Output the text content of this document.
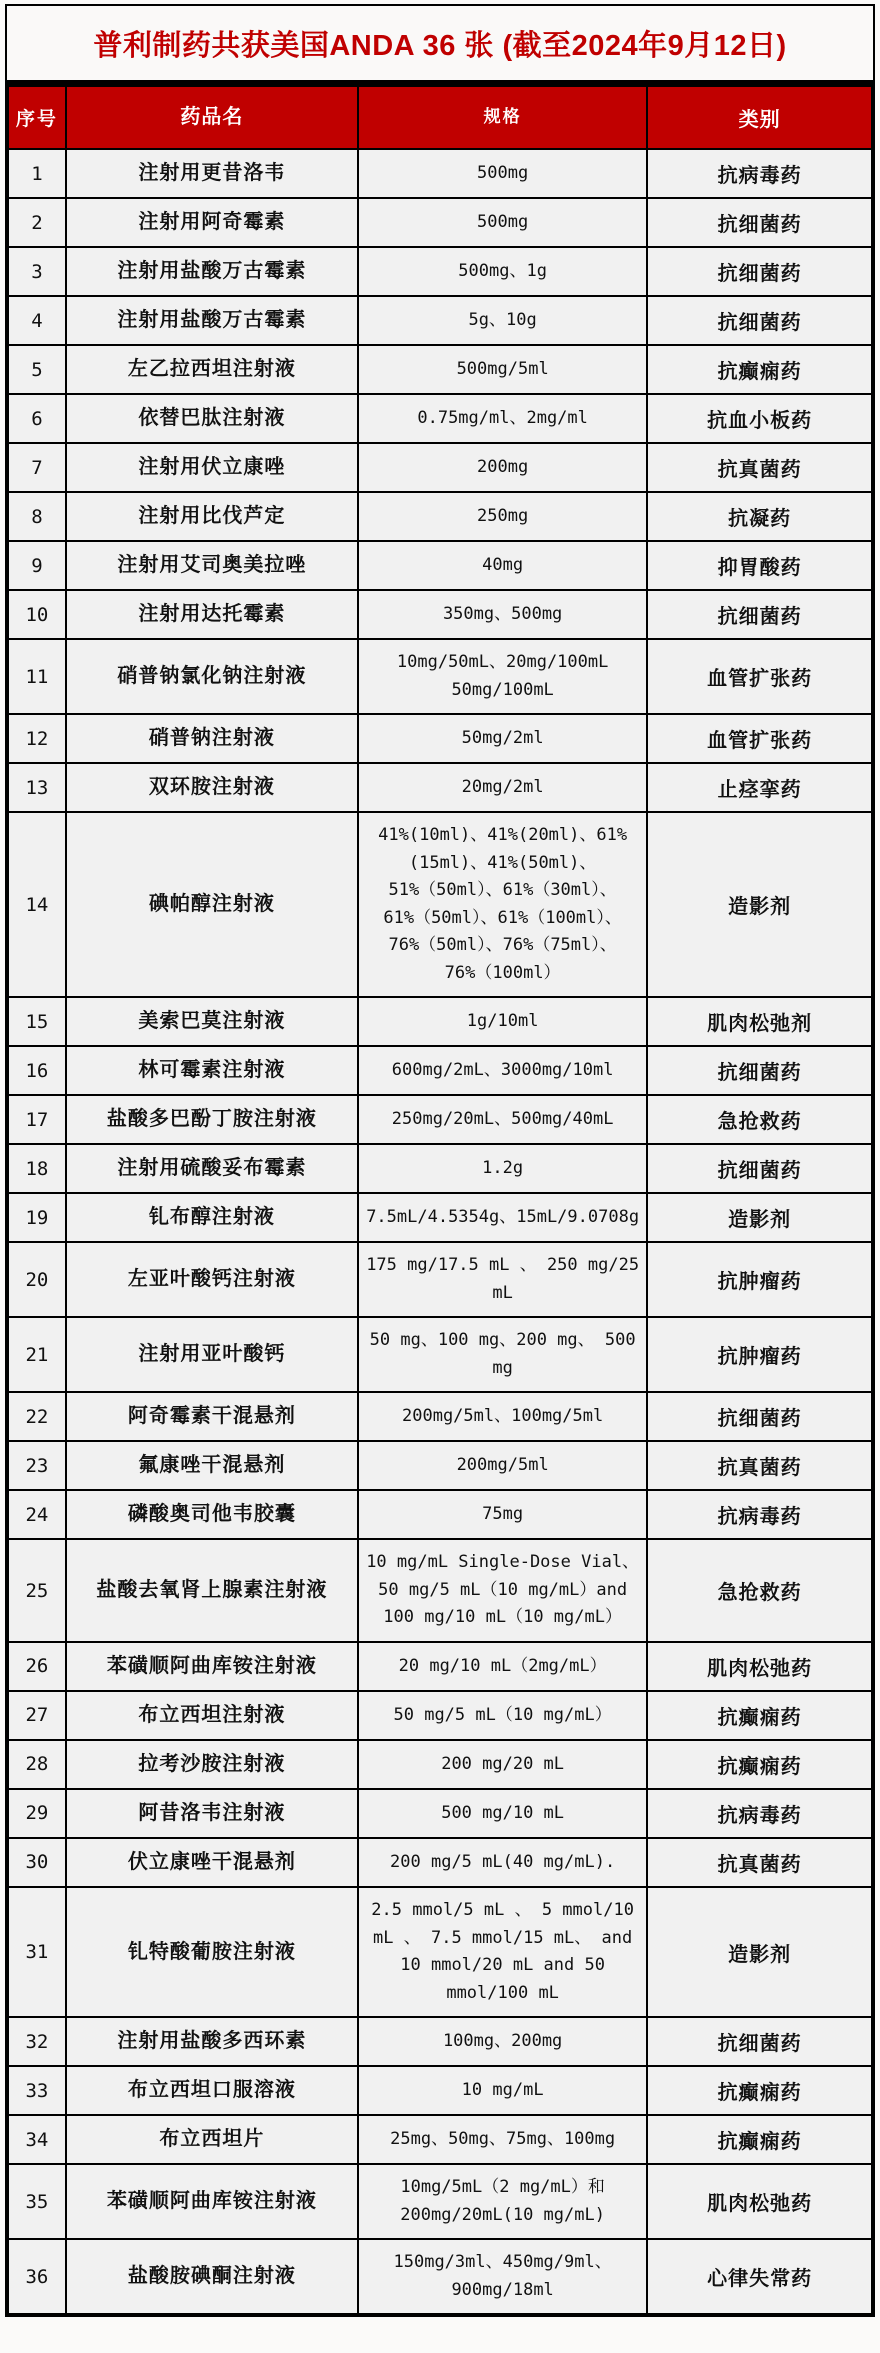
普利制药共获美国ANDA 36 张 (截至2024年9月12日)
序号	药品名	规格	类别
1	注射用更昔洛韦	500mg	抗病毒药
2	注射用阿奇霉素	500mg	抗细菌药
3	注射用盐酸万古霉素	500mg、1g	抗细菌药
4	注射用盐酸万古霉素	5g、10g	抗细菌药
5	左乙拉西坦注射液	500mg/5ml	抗癫痫药
6	依替巴肽注射液	0.75mg/ml、2mg/ml	抗血小板药
7	注射用伏立康唑	200mg	抗真菌药
8	注射用比伐芦定	250mg	抗凝药
9	注射用艾司奥美拉唑	40mg	抑胃酸药
10	注射用达托霉素	350mg、500mg	抗细菌药
11	硝普钠氯化钠注射液	10mg/50mL、20mg/100mL 50mg/100mL	血管扩张药
12	硝普钠注射液	50mg/2ml	血管扩张药
13	双环胺注射液	20mg/2ml	止痉挛药
14	碘帕醇注射液	41%(10ml)、41%(20ml)、61%(15ml)、41%(50ml)、51%（50ml）、61%（30ml）、61%（50ml）、61%（100ml）、76%（50ml）、76%（75ml）、76%（100ml）	造影剂
15	美索巴莫注射液	1g/10ml	肌肉松弛剂
16	林可霉素注射液	600mg/2mL、3000mg/10ml	抗细菌药
17	盐酸多巴酚丁胺注射液	250mg/20mL、500mg/40mL	急抢救药
18	注射用硫酸妥布霉素	1.2g	抗细菌药
19	钆布醇注射液	7.5mL/4.5354g、15mL/9.0708g	造影剂
20	左亚叶酸钙注射液	175 mg/17.5 mL 、 250 mg/25 mL	抗肿瘤药
21	注射用亚叶酸钙	50 mg、100 mg、200 mg、 500 mg	抗肿瘤药
22	阿奇霉素干混悬剂	200mg/5ml、100mg/5ml	抗细菌药
23	氟康唑干混悬剂	200mg/5ml	抗真菌药
24	磷酸奥司他韦胶囊	75mg	抗病毒药
25	盐酸去氧肾上腺素注射液	10 mg/mL Single-Dose Vial、 50 mg/5 mL（10 mg/mL）and 100 mg/10 mL（10 mg/mL）	急抢救药
26	苯磺顺阿曲库铵注射液	20 mg/10 mL（2mg/mL）	肌肉松弛药
27	布立西坦注射液	50 mg/5 mL（10 mg/mL）	抗癫痫药
28	拉考沙胺注射液	200 mg/20 mL	抗癫痫药
29	阿昔洛韦注射液	500 mg/10 mL	抗病毒药
30	伏立康唑干混悬剂	200 mg/5 mL(40 mg/mL).	抗真菌药
31	钆特酸葡胺注射液	2.5 mmol/5 mL 、 5 mmol/10 mL 、 7.5 mmol/15 mL、 and 10 mmol/20 mL and 50 mmol/100 mL	造影剂
32	注射用盐酸多西环素	100mg、200mg	抗细菌药
33	布立西坦口服溶液	10 mg/mL	抗癫痫药
34	布立西坦片	25mg、50mg、75mg、100mg	抗癫痫药
35	苯磺顺阿曲库铵注射液	10mg/5mL（2 mg/mL）和 200mg/20mL(10 mg/mL)	肌肉松弛药
36	盐酸胺碘酮注射液	150mg/3ml、450mg/9ml、900mg/18ml	心律失常药
